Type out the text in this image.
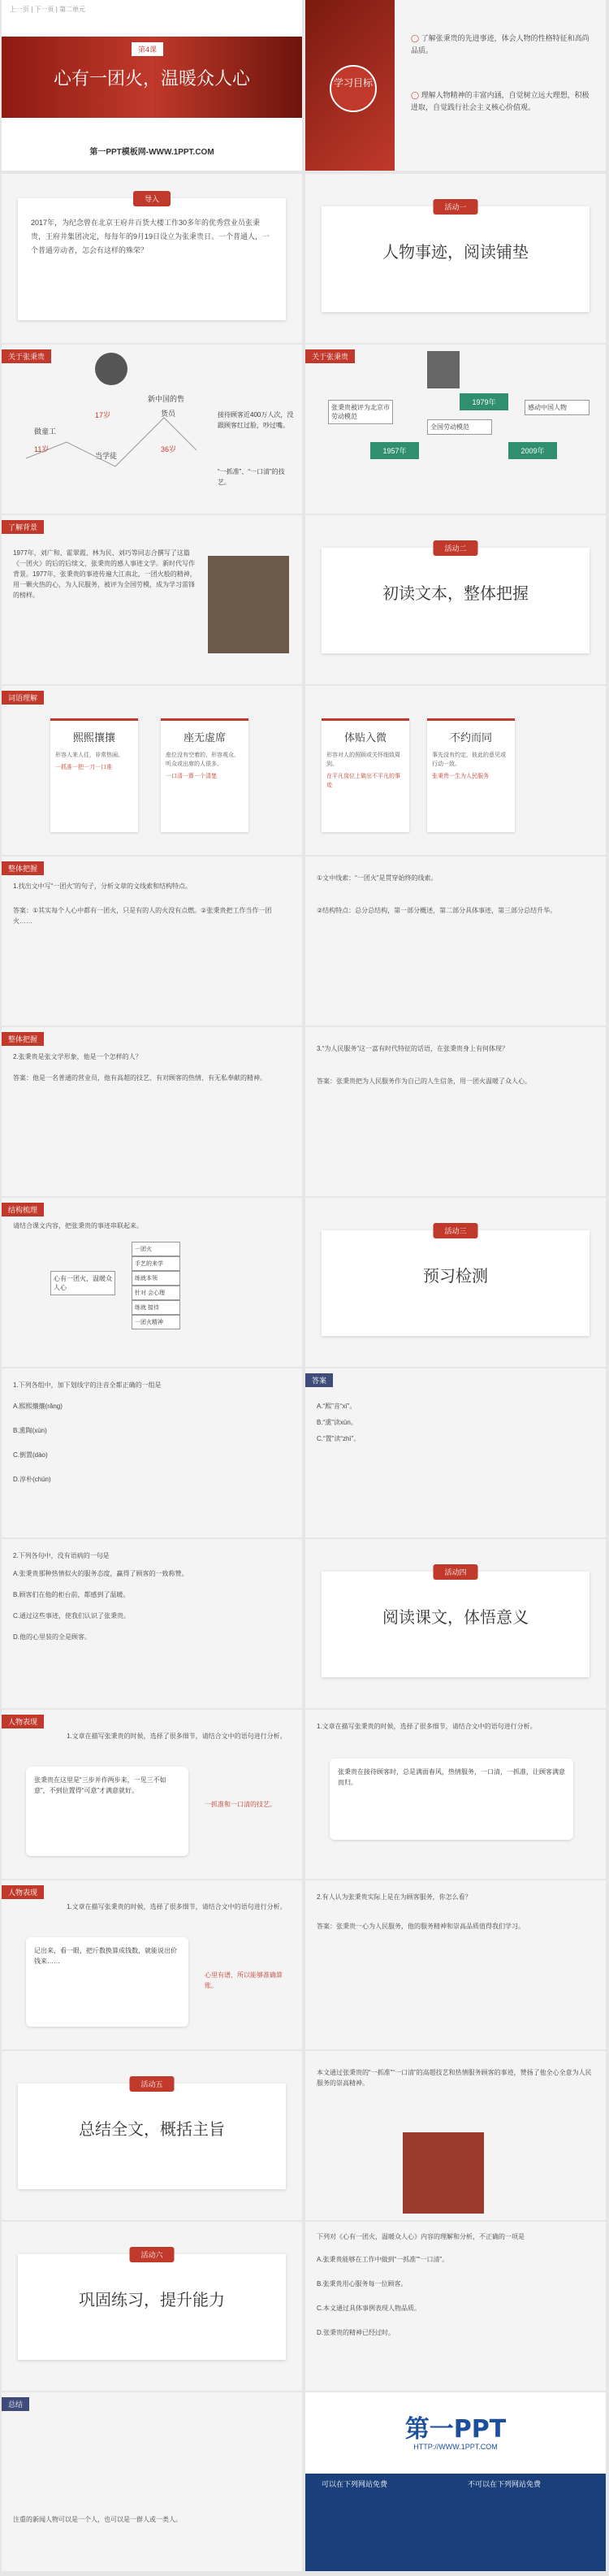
上一页 | 下一页 | 第二单元
第4课
心有一团火，温暖众人心
第一PPT模板网-WWW.1PPT.COM
学习目标
◯ 了解张秉贵的先进事迹，体会人物的性格特征和高尚品质。
◯ 理解人物精神的丰富内涵，自觉树立远大理想，积极进取，自觉践行社会主义核心价值观。
导入
2017年，为纪念曾在北京王府井百货大楼工作30多年的优秀营业员张秉贵，王府井集团决定，每每年的9月19日设立为张秉贵日。一个普通人，一个普通劳动者，怎会有这样的殊荣？
活动一
人物事迹，阅读铺垫
关于张秉贵
做童工
17岁
新中国的售
11岁
当学徒
货员
36岁
接待顾客近400万人次，没跟顾客红过脸，吵过嘴。
“一抓准”、“一口清”的技艺。
关于张秉贵
1979年
1957年	2009年
张秉贵被评为北京市劳动模范
全国劳动模范
感动中国人物
了解背景
1977年，刘广和、霍翠霞、林为民、刘巧等同志合撰写了这篇《一团火》的后的后续文，张秉贵的感人事迹文学。新时代写作背景。1977年，张秉贵的事迹传遍大江南北，一团火般的精神，用一颗火热的心，为人民服务，被评为全国劳模，成为学习雷锋的榜样。
活动二
初读文本，整体把握
词语理解
熙熙攘攘

形容人来人往，非常热闹。

一抓准一把一刀一口准
座无虚席

座位没有空着的，形容观众，听众或出席的人很多。

一口清一算一个清楚
体贴入微

形容对人的照顾或关怀细致周到。

在平凡岗位上做出不平凡的事迹
不约而同

事先没有约定，彼此的意见或行动一致。

张秉贵一生为人民服务
整体把握
1.找出文中写“一团火”的句子，分析文章的文线索和结构特点。
答案：①其实每个人心中都有一团火，只是有的人的火没有点燃。②张秉贵把工作当作一团火……
①文中线索：“一团火”是贯穿始终的线索。
②结构特点：总分总结构，第一部分概述，第二部分具体事迹，第三部分总结升华。
整体把握
2.张秉贵是张文学形象，他是一个怎样的人？
答案：他是一名普通的营业员，他有高超的技艺、有对顾客的热情、有无私奉献的精神。
3.“为人民服务”这一富有时代特征的话语，在张秉贵身上有何体现？
答案：张秉贵把为人民服务作为自己的人生信条，用一团火温暖了众人心。
结构梳理
请结合课文内容，把张秉贵的事迹串联起来。
心有一团火，温暖众人心
一团火
手艺的来学
练就本领
针对 会心理
练就 接待
一团火精神
活动三
预习检测
1.下列各组中，加下划线字的注音全都正确的一组是
A.熙熙攘攘(rǎng)
B.熏陶(xūn)
C.倒置(dào)
D.淳朴(chún)
答案
A.“熙”音“xī”。
B.“熏”读xūn。
C.“置”读“zhì”。
2.下列各句中，没有语病的一句是
A.张秉贵那种热情似火的服务态度，赢得了顾客的一致称赞。
B.顾客们在他的柜台前，都感到了温暖。
C.通过这些事迹，使我们认识了张秉贵。
D.他的心里装的全是顾客。
活动四
阅读课文，体悟意义
人物表现
1.文章在描写张秉贵的时候，选择了很多细节，请结合文中的语句进行分析。
张秉贵在这里是“三步并作两步来，一见三不如意”，不到位置得“可意”才满意就好。
一抓准和一口清的技艺。
1.文章在描写张秉贵的时候，选择了很多细节，请结合文中的语句进行分析。
张秉贵在接待顾客时，总是满面春风，热情服务，一口清，一抓准，让顾客满意而归。
人物表现
1.文章在描写张秉贵的时候，选择了很多细节，请结合文中的语句进行分析。
记出来，看一眼，把斤数换算成钱数，就能说出价钱来……
心里有谱，所以能够准确算账。
2.有人认为张秉贵实际上是在为顾客服务，你怎么看？
答案：张秉贵一心为人民服务，他的服务精神和崇高品质值得我们学习。
活动五
总结全文，概括主旨
本文通过张秉贵的“一抓准”“一口清”的高超技艺和热情服务顾客的事迹，赞扬了他全心全意为人民服务的崇高精神。
活动六
巩固练习，提升能力
下列对《心有一团火，温暖众人心》内容的理解和分析，不正确的一项是
A.张秉贵能够在工作中做到“一抓准”“一口清”。
B.张秉贵用心服务每一位顾客。
C.本文通过具体事例表现人物品质。
D.张秉贵的精神已经过时。
总结
注重的新闻人物可以是一个人，也可以是一群人或一类人。
第一PPT
HTTP://WWW.1PPT.COM
可以在下列网站免费	不可以在下列网站免费
